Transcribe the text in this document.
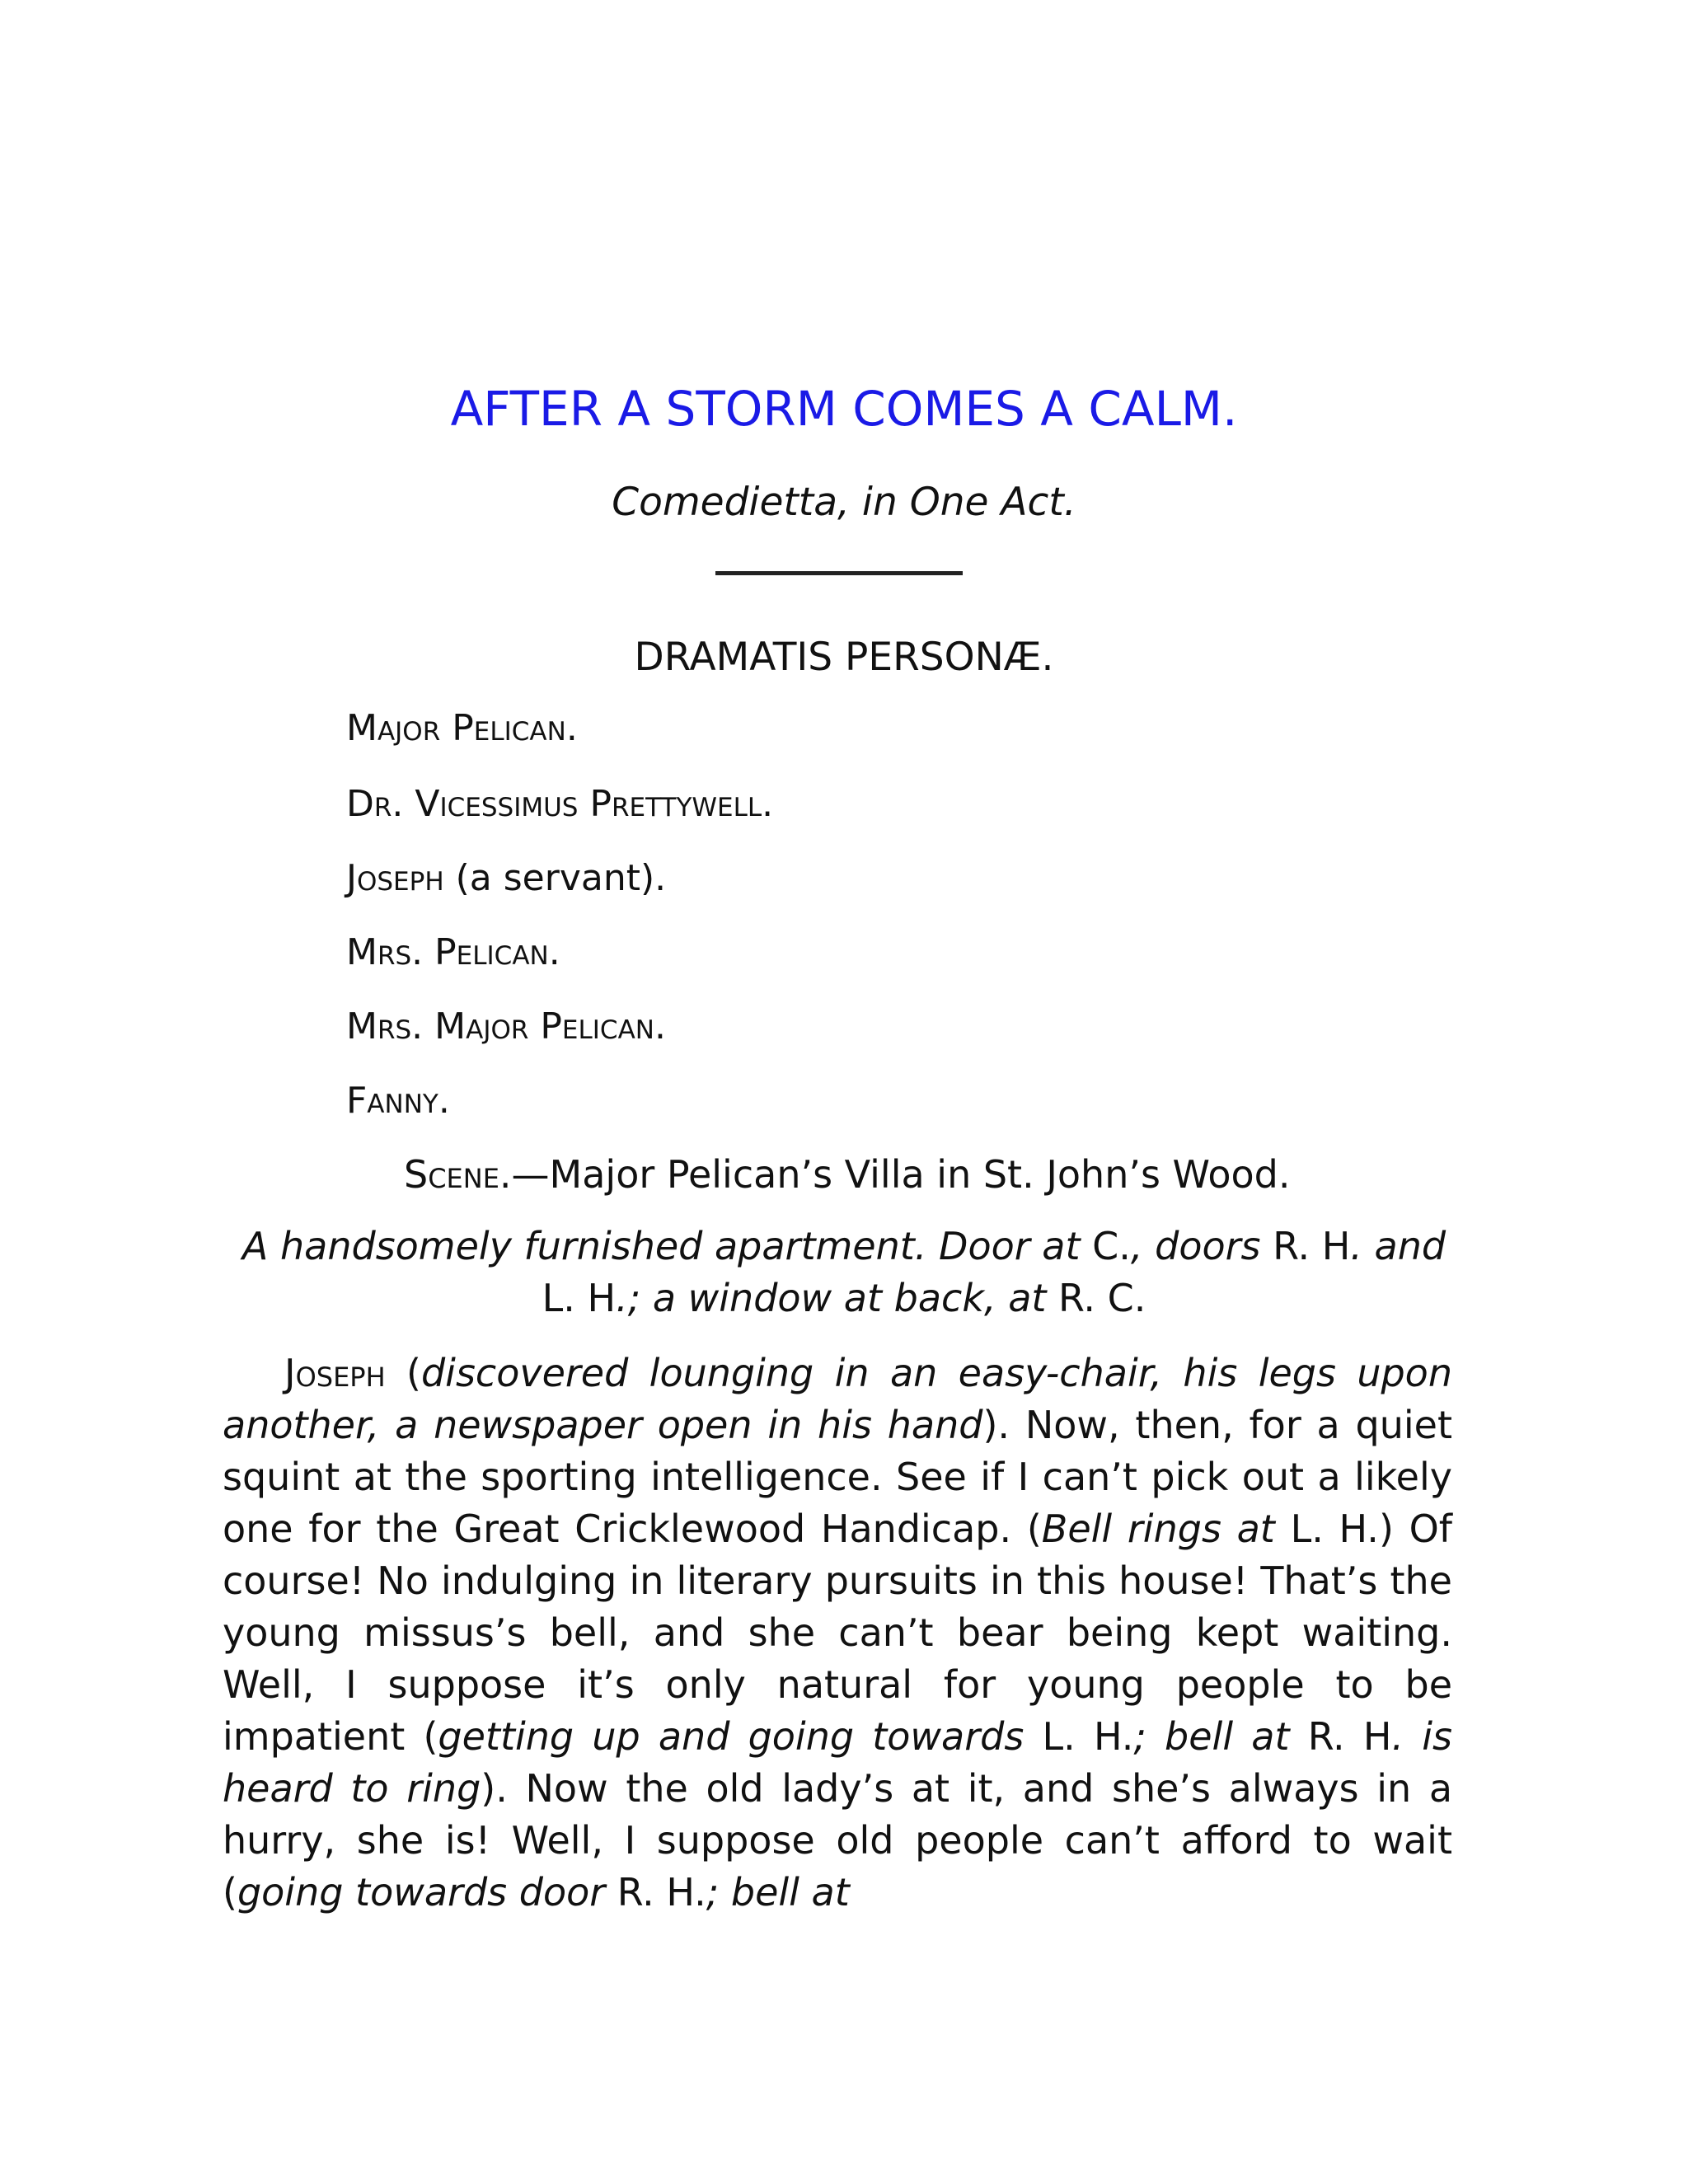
AFTER A STORM COMES A CALM.
Comedietta, in One Act.
DRAMATIS PERSONÆ.
Major Pelican.
Dr. Vicessimus Prettywell.
Joseph (a servant).
Mrs. Pelican.
Mrs. Major Pelican.
Fanny.
Scene.—Major Pelican’s Villa in St. John’s Wood.
A handsomely furnished apartment. Door at C., doors R. H. and
L. H.; a window at back, at R. C.
Joseph (discovered lounging in an easy-chair, his legs upon another, a newspaper open in his hand). Now, then, for a quiet squint at the sporting intelligence. See if I can’t pick out a likely one for the Great Cricklewood Handicap. (Bell rings at L. H.) Of course! No indulging in literary pursuits in this house! That’s the young missus’s bell, and she can’t bear being kept waiting. Well, I suppose it’s only natural for young people to be impatient (getting up and going towards L. H.; bell at R. H. is heard to ring). Now the old lady’s at it, and she’s always in a hurry, she is! Well, I suppose old people can’t afford to wait (going towards door R. H.; bell at
